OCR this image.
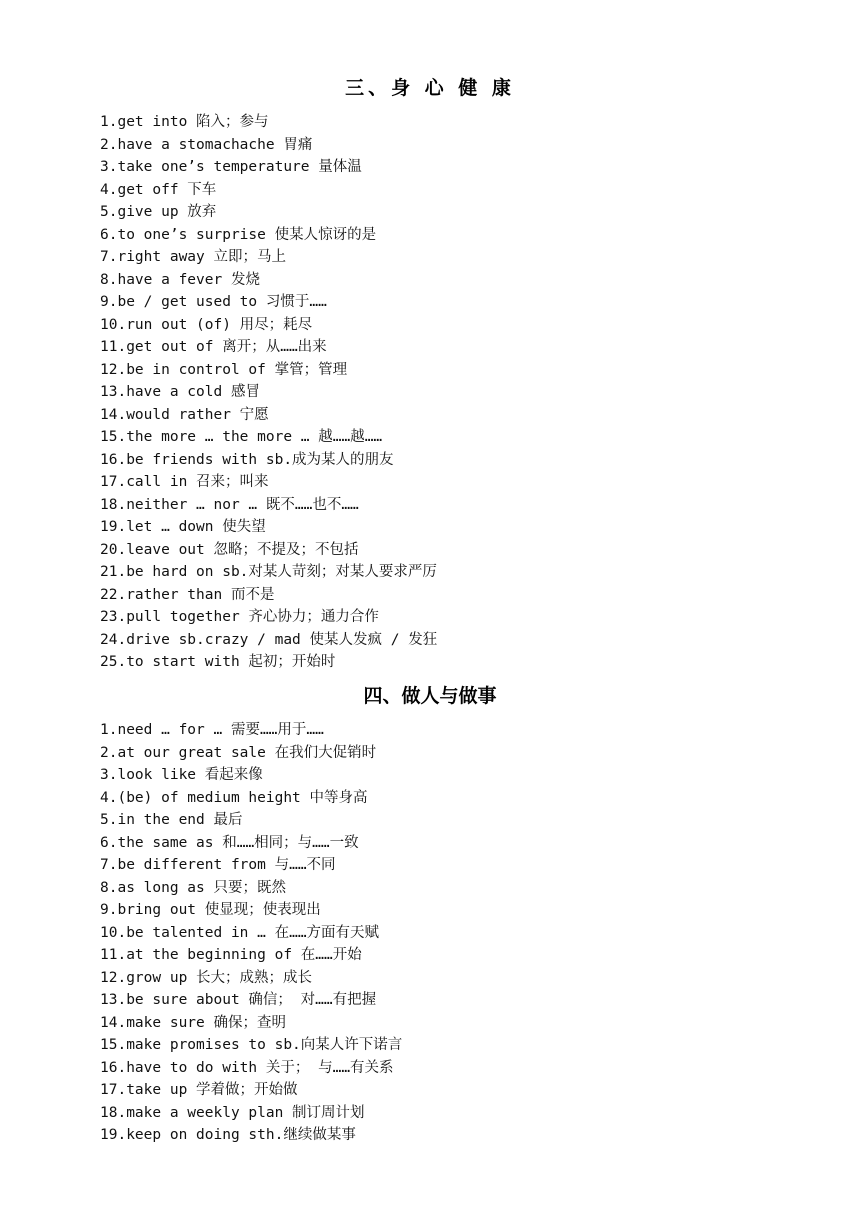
三、身 心 健 康
1.get into 陷入；参与
2.have a stomachache 胃痛
3.take one’s temperature 量体温
4.get off 下车
5.give up 放弃
6.to one’s surprise 使某人惊讶的是
7.right away 立即；马上
8.have a fever 发烧
9.be / get used to 习惯于……
10.run out (of) 用尽；耗尽
11.get out of 离开；从……出来
12.be in control of 掌管；管理
13.have a cold 感冒
14.would rather 宁愿
15.the more … the more … 越……越……
16.be friends with sb.成为某人的朋友
17.call in 召来；叫来
18.neither … nor … 既不……也不……
19.let … down 使失望
20.leave out 忽略；不提及；不包括
21.be hard on sb.对某人苛刻；对某人要求严厉
22.rather than 而不是
23.pull together 齐心协力；通力合作
24.drive sb.crazy / mad 使某人发疯 / 发狂
25.to start with 起初；开始时
四、做人与做事
1.need … for … 需要……用于……
2.at our great sale 在我们大促销时
3.look like 看起来像
4.(be) of medium height 中等身高
5.in the end 最后
6.the same as 和……相同；与……一致
7.be different from 与……不同
8.as long as 只要；既然
9.bring out 使显现；使表现出
10.be talented in … 在……方面有天赋
11.at the beginning of 在……开始
12.grow up 长大；成熟；成长
13.be sure about 确信； 对……有把握
14.make sure 确保；查明
15.make promises to sb.向某人许下诺言
16.have to do with 关于； 与……有关系
17.take up 学着做；开始做
18.make a weekly plan 制订周计划
19.keep on doing sth.继续做某事
